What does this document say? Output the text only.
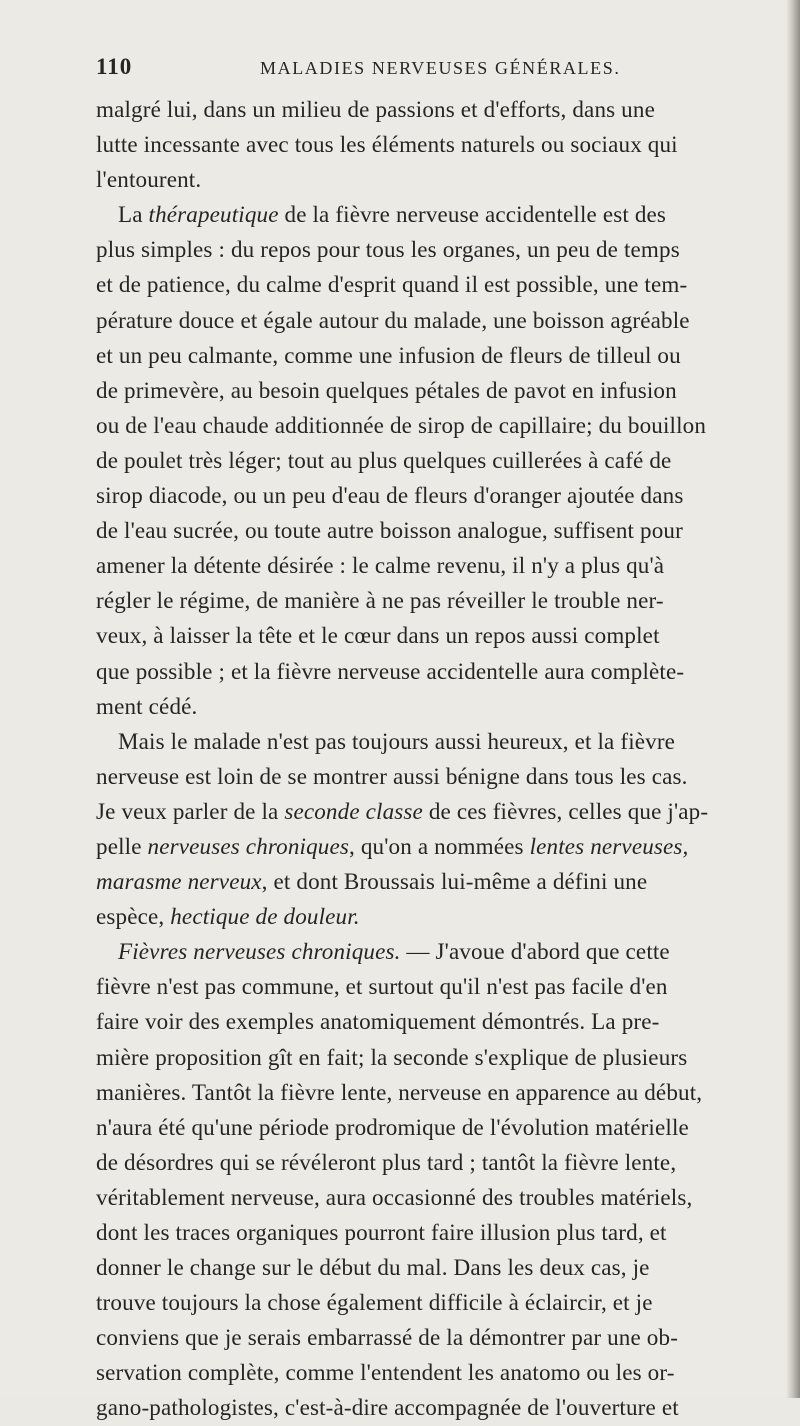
110	MALADIES NERVEUSES GÉNÉRALES.
malgré lui, dans un milieu de passions et d'efforts, dans une
lutte incessante avec tous les éléments naturels ou sociaux qui
l'entourent.
La thérapeutique de la fièvre nerveuse accidentelle est des
plus simples : du repos pour tous les organes, un peu de temps
et de patience, du calme d'esprit quand il est possible, une tem-
pérature douce et égale autour du malade, une boisson agréable
et un peu calmante, comme une infusion de fleurs de tilleul ou
de primevère, au besoin quelques pétales de pavot en infusion
ou de l'eau chaude additionnée de sirop de capillaire; du bouillon
de poulet très léger; tout au plus quelques cuillerées à café de
sirop diacode, ou un peu d'eau de fleurs d'oranger ajoutée dans
de l'eau sucrée, ou toute autre boisson analogue, suffisent pour
amener la détente désirée : le calme revenu, il n'y a plus qu'à
régler le régime, de manière à ne pas réveiller le trouble ner-
veux, à laisser la tête et le cœur dans un repos aussi complet
que possible ; et la fièvre nerveuse accidentelle aura complète-
ment cédé.
Mais le malade n'est pas toujours aussi heureux, et la fièvre
nerveuse est loin de se montrer aussi bénigne dans tous les cas.
Je veux parler de la seconde classe de ces fièvres, celles que j'ap-
pelle nerveuses chroniques, qu'on a nommées lentes nerveuses,
marasme nerveux, et dont Broussais lui-même a défini une
espèce, hectique de douleur.
Fièvres nerveuses chroniques. — J'avoue d'abord que cette
fièvre n'est pas commune, et surtout qu'il n'est pas facile d'en
faire voir des exemples anatomiquement démontrés. La pre-
mière proposition gît en fait; la seconde s'explique de plusieurs
manières. Tantôt la fièvre lente, nerveuse en apparence au début,
n'aura été qu'une période prodromique de l'évolution matérielle
de désordres qui se révéleront plus tard ; tantôt la fièvre lente,
véritablement nerveuse, aura occasionné des troubles matériels,
dont les traces organiques pourront faire illusion plus tard, et
donner le change sur le début du mal. Dans les deux cas, je
trouve toujours la chose également difficile à éclaircir, et je
conviens que je serais embarrassé de la démontrer par une ob-
servation complète, comme l'entendent les anatomo ou les or-
gano-pathologistes, c'est-à-dire accompagnée de l'ouverture et
